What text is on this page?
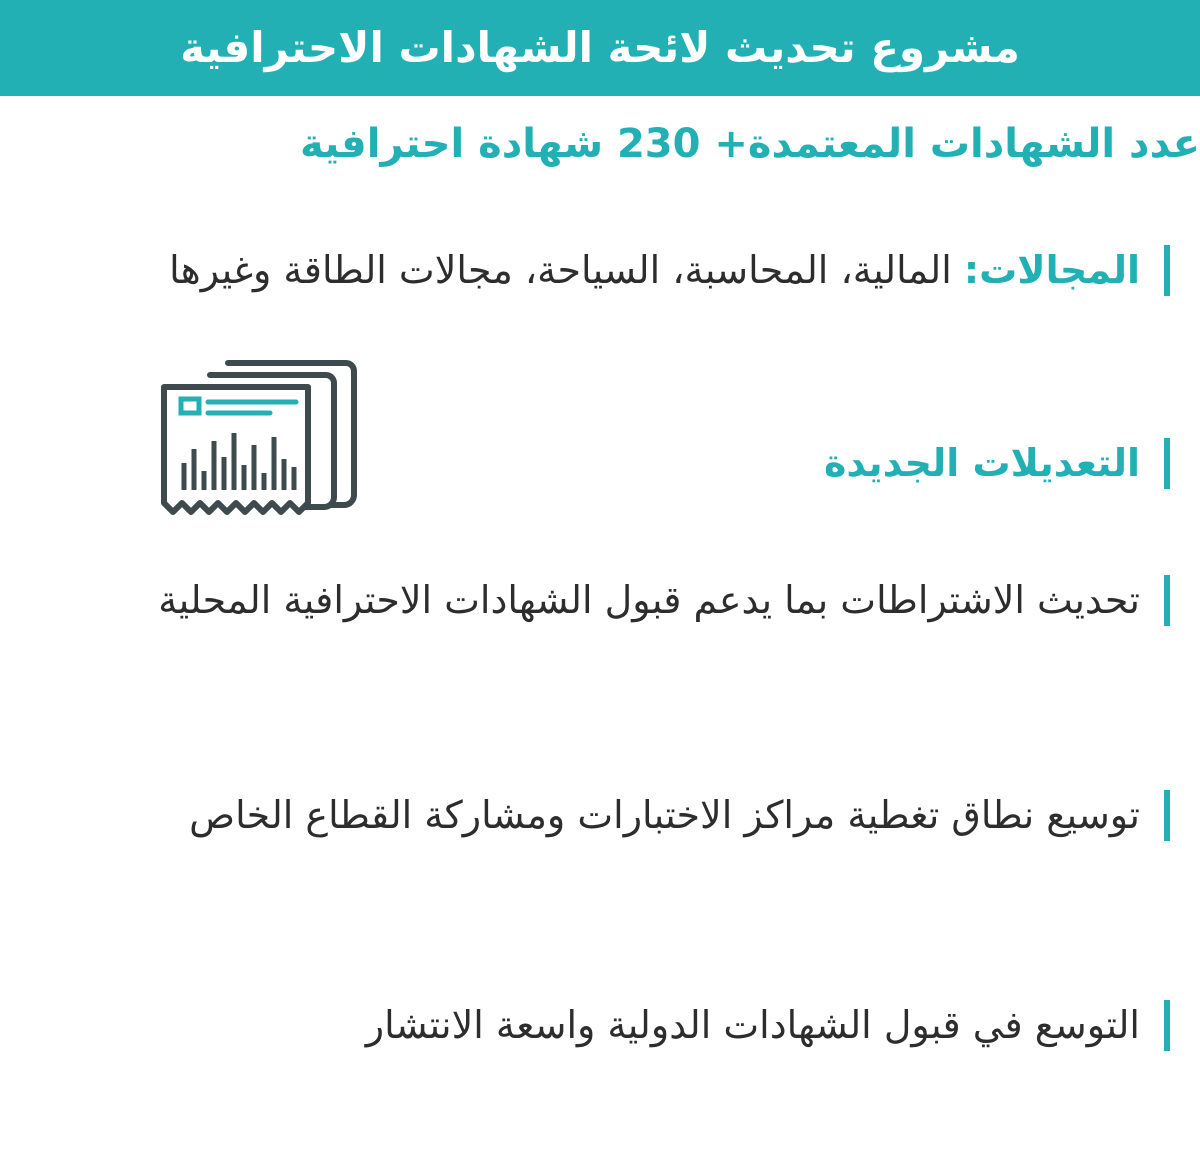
مشروع تحديث لائحة الشهادات الاحترافية
عدد الشهادات المعتمدة+ 230 شهادة احترافية
المجالات: المالية، المحاسبة، السياحة، مجالات الطاقة وغيرها
التعديلات الجديدة
تحديث الاشتراطات بما يدعم قبول الشهادات الاحترافية المحلية
توسيع نطاق تغطية مراكز الاختبارات ومشاركة القطاع الخاص
التوسع في قبول الشهادات الدولية واسعة الانتشار
